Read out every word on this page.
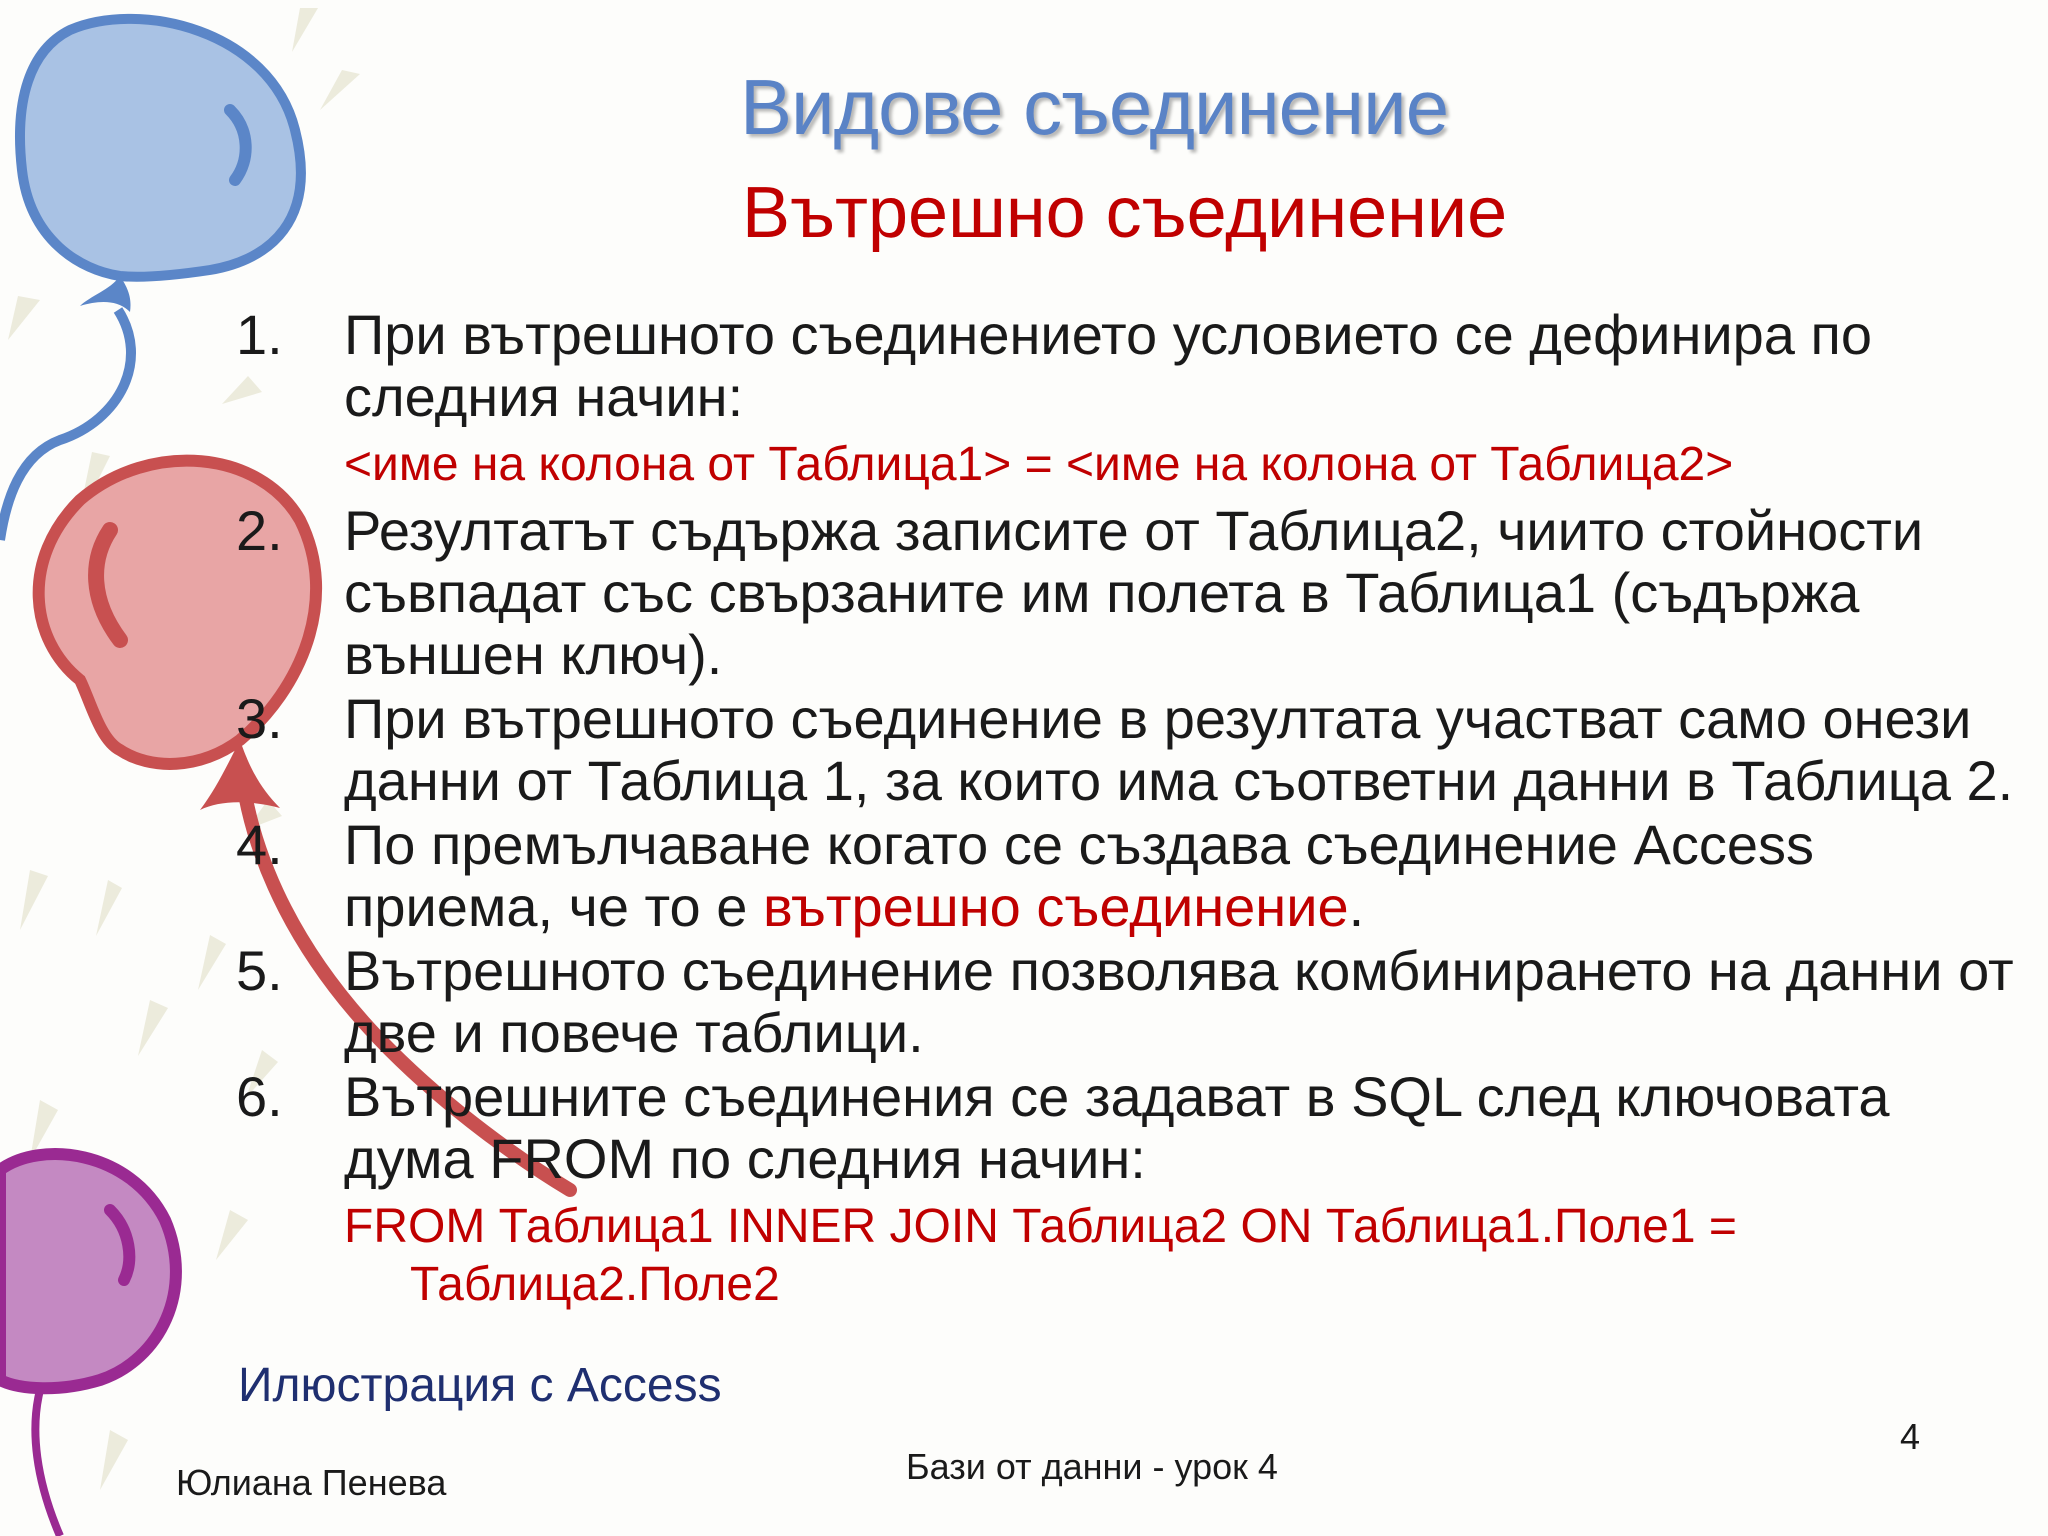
Видове съединение
Вътрешно съединение
1. При вътрешното съединението условието се дефинира по следния начин:
<име на колона от Таблица1> = <име на колона от Таблица2>
2. Резултатът съдържа записите от Таблица2, чиито стойности съвпадат със свързаните им полета в Таблица1 (съдържа външен ключ).
3. При вътрешното съединение в резултата участват само онези данни от Таблица 1, за които има съответни данни в Таблица 2.
4. По премълчаване когато се създава съединение Access приема, че то е вътрешно съединение.
5. Вътрешното съединение позволява комбинирането на данни от две и повече таблици.
6. Вътрешните съединения се задават в SQL след ключовата дума FROM по следния начин:
FROM Таблица1 INNER JOIN Таблица2 ON Таблица1.Поле1 =
Таблица2.Поле2
Илюстрация с Access
Юлиана Пенева	Бази от данни - урок 4
4
